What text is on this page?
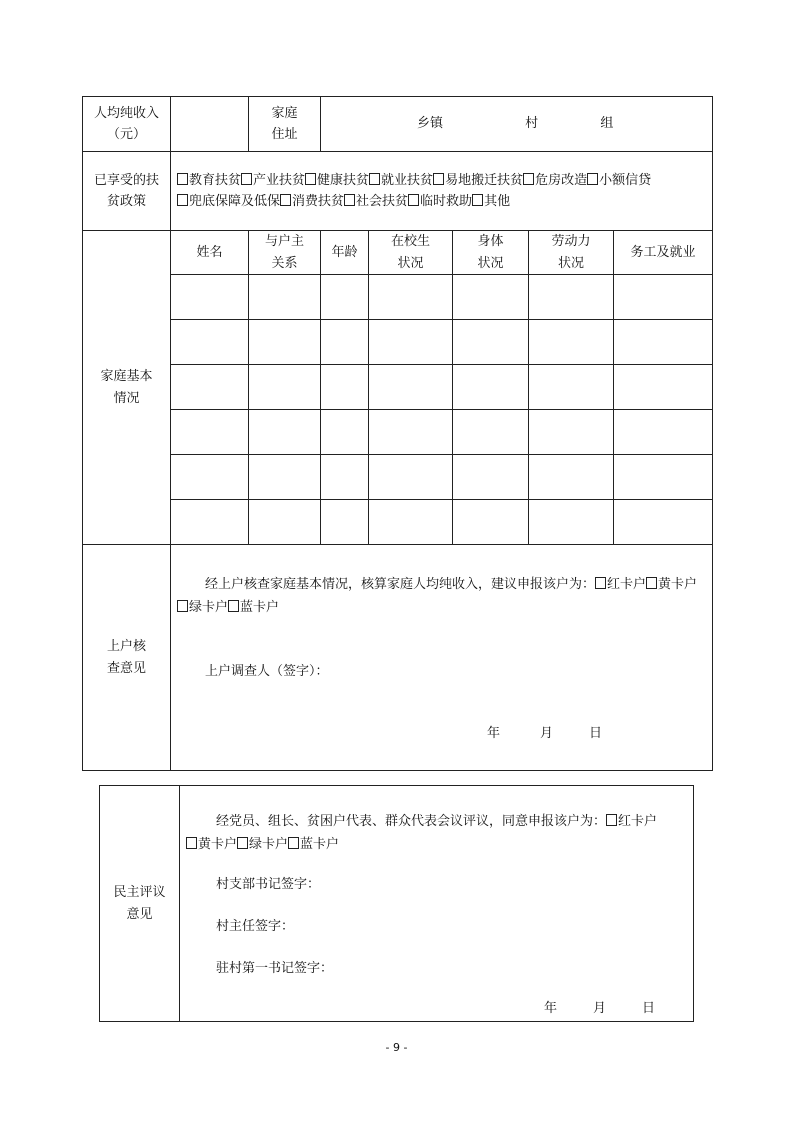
人均纯收入（元）		家庭住址	乡镇 村 组				
已享受的扶贫政策	教育扶贫 产业扶贫 健康扶贫 就业扶贫 易地搬迁扶贫 危房改造 小额信贷兜底保障及低保 消费扶贫 社会扶贫 临时救助 其他						
家庭基本情况	姓名	与户主关系	年龄	在校生状况	身体状况	劳动力状况	务工及就业

上户核查意见	经上户核查家庭基本情况，核算家庭人均纯收入，建议申报该户为： 红卡户 黄卡户绿卡户 蓝卡户
上户调查人（签字）：
年 月 日						
民主评议意见	
经党员、组长、贫困户代表、群众代表会议评议，同意申报该户为： 红卡户黄卡户 绿卡户 蓝卡户
村支部书记签字：
村主任签字：
驻村第一书记签字：
年	月	日
- 9 -
